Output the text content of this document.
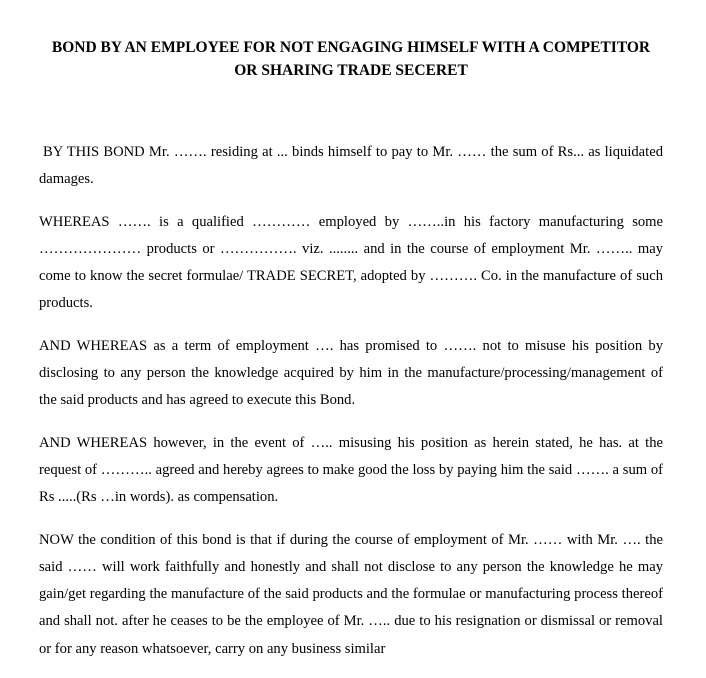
BOND BY AN EMPLOYEE FOR NOT ENGAGING HIMSELF WITH A COMPETITOR
OR SHARING TRADE SECERET

BY THIS BOND Mr. ……. residing at ... binds himself to pay to Mr. …… the sum of Rs... as liquidated damages.

WHEREAS ……. is a qualified ………… employed by ……..in his factory manufacturing some ………………… products or ……………. viz. ........ and in the course of employment Mr. …….. may come to know the secret formulae/ TRADE SECRET, adopted by ………. Co. in the manufacture of such products.

AND WHEREAS as a term of employment …. has promised to ……. not to misuse his position by disclosing to any person the knowledge acquired by him in the manufacture/processing/management of the said products and has agreed to execute this Bond.

AND WHEREAS however, in the event of ….. misusing his position as herein stated, he has. at the request of ……….. agreed and hereby agrees to make good the loss by paying him the said ……. a sum of Rs .....(Rs …in words). as compensation.

NOW the condition of this bond is that if during the course of employment of Mr. …… with Mr. …. the said …… will work faithfully and honestly and shall not disclose to any person the knowledge he may gain/get regarding the manufacture of the said products and the formulae or manufacturing process thereof and shall not. after he ceases to be the employee of Mr. ….. due to his resignation or dismissal or removal or for any reason whatsoever, carry on any business similar
